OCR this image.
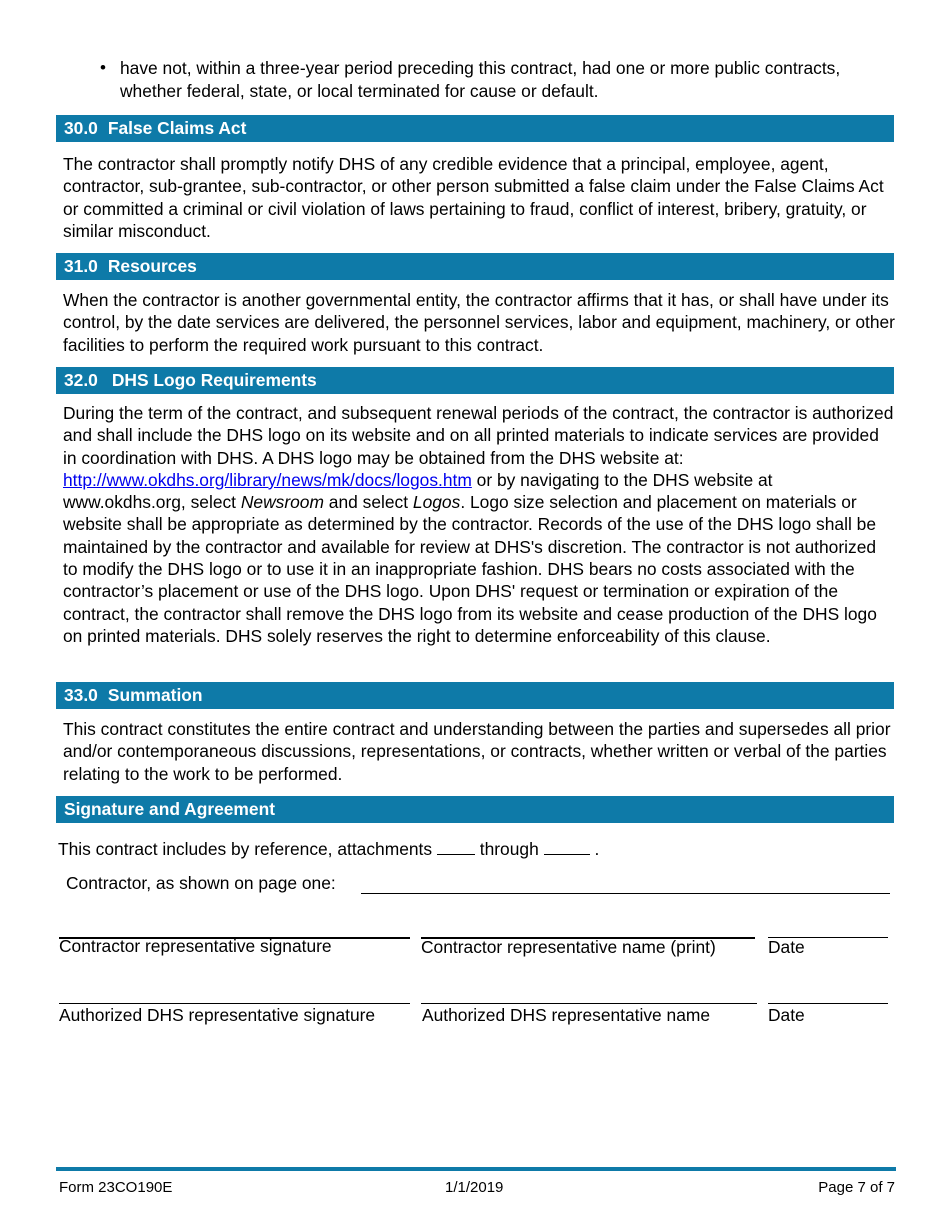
• have not, within a three-year period preceding this contract, had one or more public contracts, whether federal, state, or local terminated for cause or default.
30.0 False Claims Act

The contractor shall promptly notify DHS of any credible evidence that a principal, employee, agent, contractor, sub-grantee, sub-contractor, or other person submitted a false claim under the False Claims Act or committed a criminal or civil violation of laws pertaining to fraud, conflict of interest, bribery, gratuity, or similar misconduct.

31.0 Resources

When the contractor is another governmental entity, the contractor affirms that it has, or shall have under its control, by the date services are delivered, the personnel services, labor and equipment, machinery, or other facilities to perform the required work pursuant to this contract.

32.0 DHS Logo Requirements

During the term of the contract, and subsequent renewal periods of the contract, the contractor is authorized and shall include the DHS logo on its website and on all printed materials to indicate services are provided in coordination with DHS. A DHS logo may be obtained from the DHS website at: http://www.okdhs.org/library/news/mk/docs/logos.htm or by navigating to the DHS website at www.okdhs.org, select Newsroom and select Logos. Logo size selection and placement on materials or website shall be appropriate as determined by the contractor. Records of the use of the DHS logo shall be maintained by the contractor and available for review at DHS's discretion. The contractor is not authorized to modify the DHS logo or to use it in an inappropriate fashion. DHS bears no costs associated with the contractor’s placement or use of the DHS logo. Upon DHS' request or termination or expiration of the contract, the contractor shall remove the DHS logo from its website and cease production of the DHS logo on printed materials. DHS solely reserves the right to determine enforceability of this clause.

33.0 Summation

This contract constitutes the entire contract and understanding between the parties and supersedes all prior and/or contemporaneous discussions, representations, or contracts, whether written or verbal of the parties relating to the work to be performed.

Signature and Agreement
This contract includes by reference, attachments	through	.
Contractor, as shown on page one:
Contractor representative signature	Contractor representative name (print)	Date
Authorized DHS representative signature	Authorized DHS representative name	Date
Form 23CO190E	1/1/2019	Page 7 of 7
